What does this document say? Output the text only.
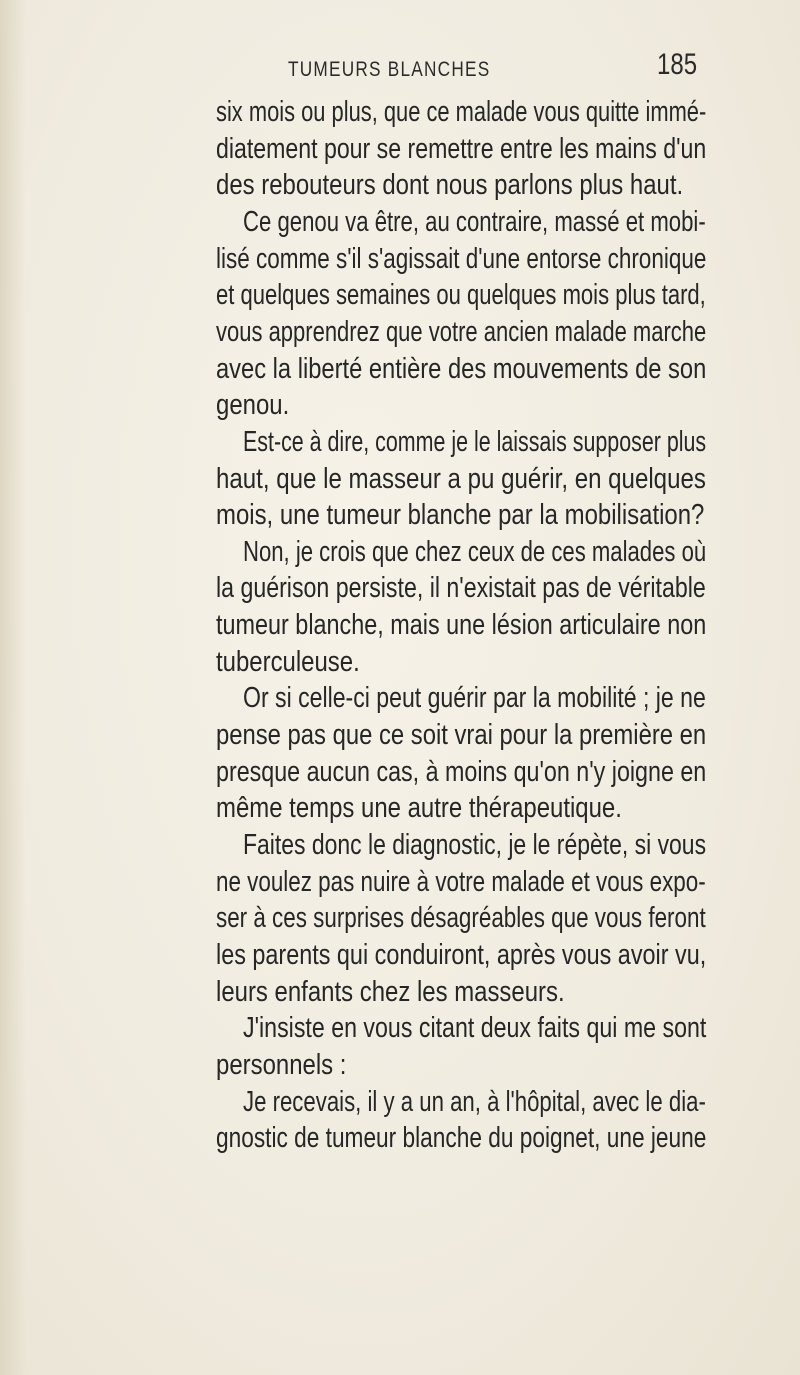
TUMEURS BLANCHES	185
six mois ou plus, que ce malade vous quitte immé-
diatement pour se remettre entre les mains d'un
des rebouteurs dont nous parlons plus haut.
Ce genou va être, au contraire, massé et mobi-
lisé comme s'il s'agissait d'une entorse chronique
et quelques semaines ou quelques mois plus tard,
vous apprendrez que votre ancien malade marche
avec la liberté entière des mouvements de son
genou.
Est-ce à dire, comme je le laissais supposer plus
haut, que le masseur a pu guérir, en quelques
mois, une tumeur blanche par la mobilisation?
Non, je crois que chez ceux de ces malades où
la guérison persiste, il n'existait pas de véritable
tumeur blanche, mais une lésion articulaire non
tuberculeuse.
Or si celle-ci peut guérir par la mobilité ; je ne
pense pas que ce soit vrai pour la première en
presque aucun cas, à moins qu'on n'y joigne en
même temps une autre thérapeutique.
Faites donc le diagnostic, je le répète, si vous
ne voulez pas nuire à votre malade et vous expo-
ser à ces surprises désagréables que vous feront
les parents qui conduiront, après vous avoir vu,
leurs enfants chez les masseurs.
J'insiste en vous citant deux faits qui me sont
personnels :
Je recevais, il y a un an, à l'hôpital, avec le dia-
gnostic de tumeur blanche du poignet, une jeune
